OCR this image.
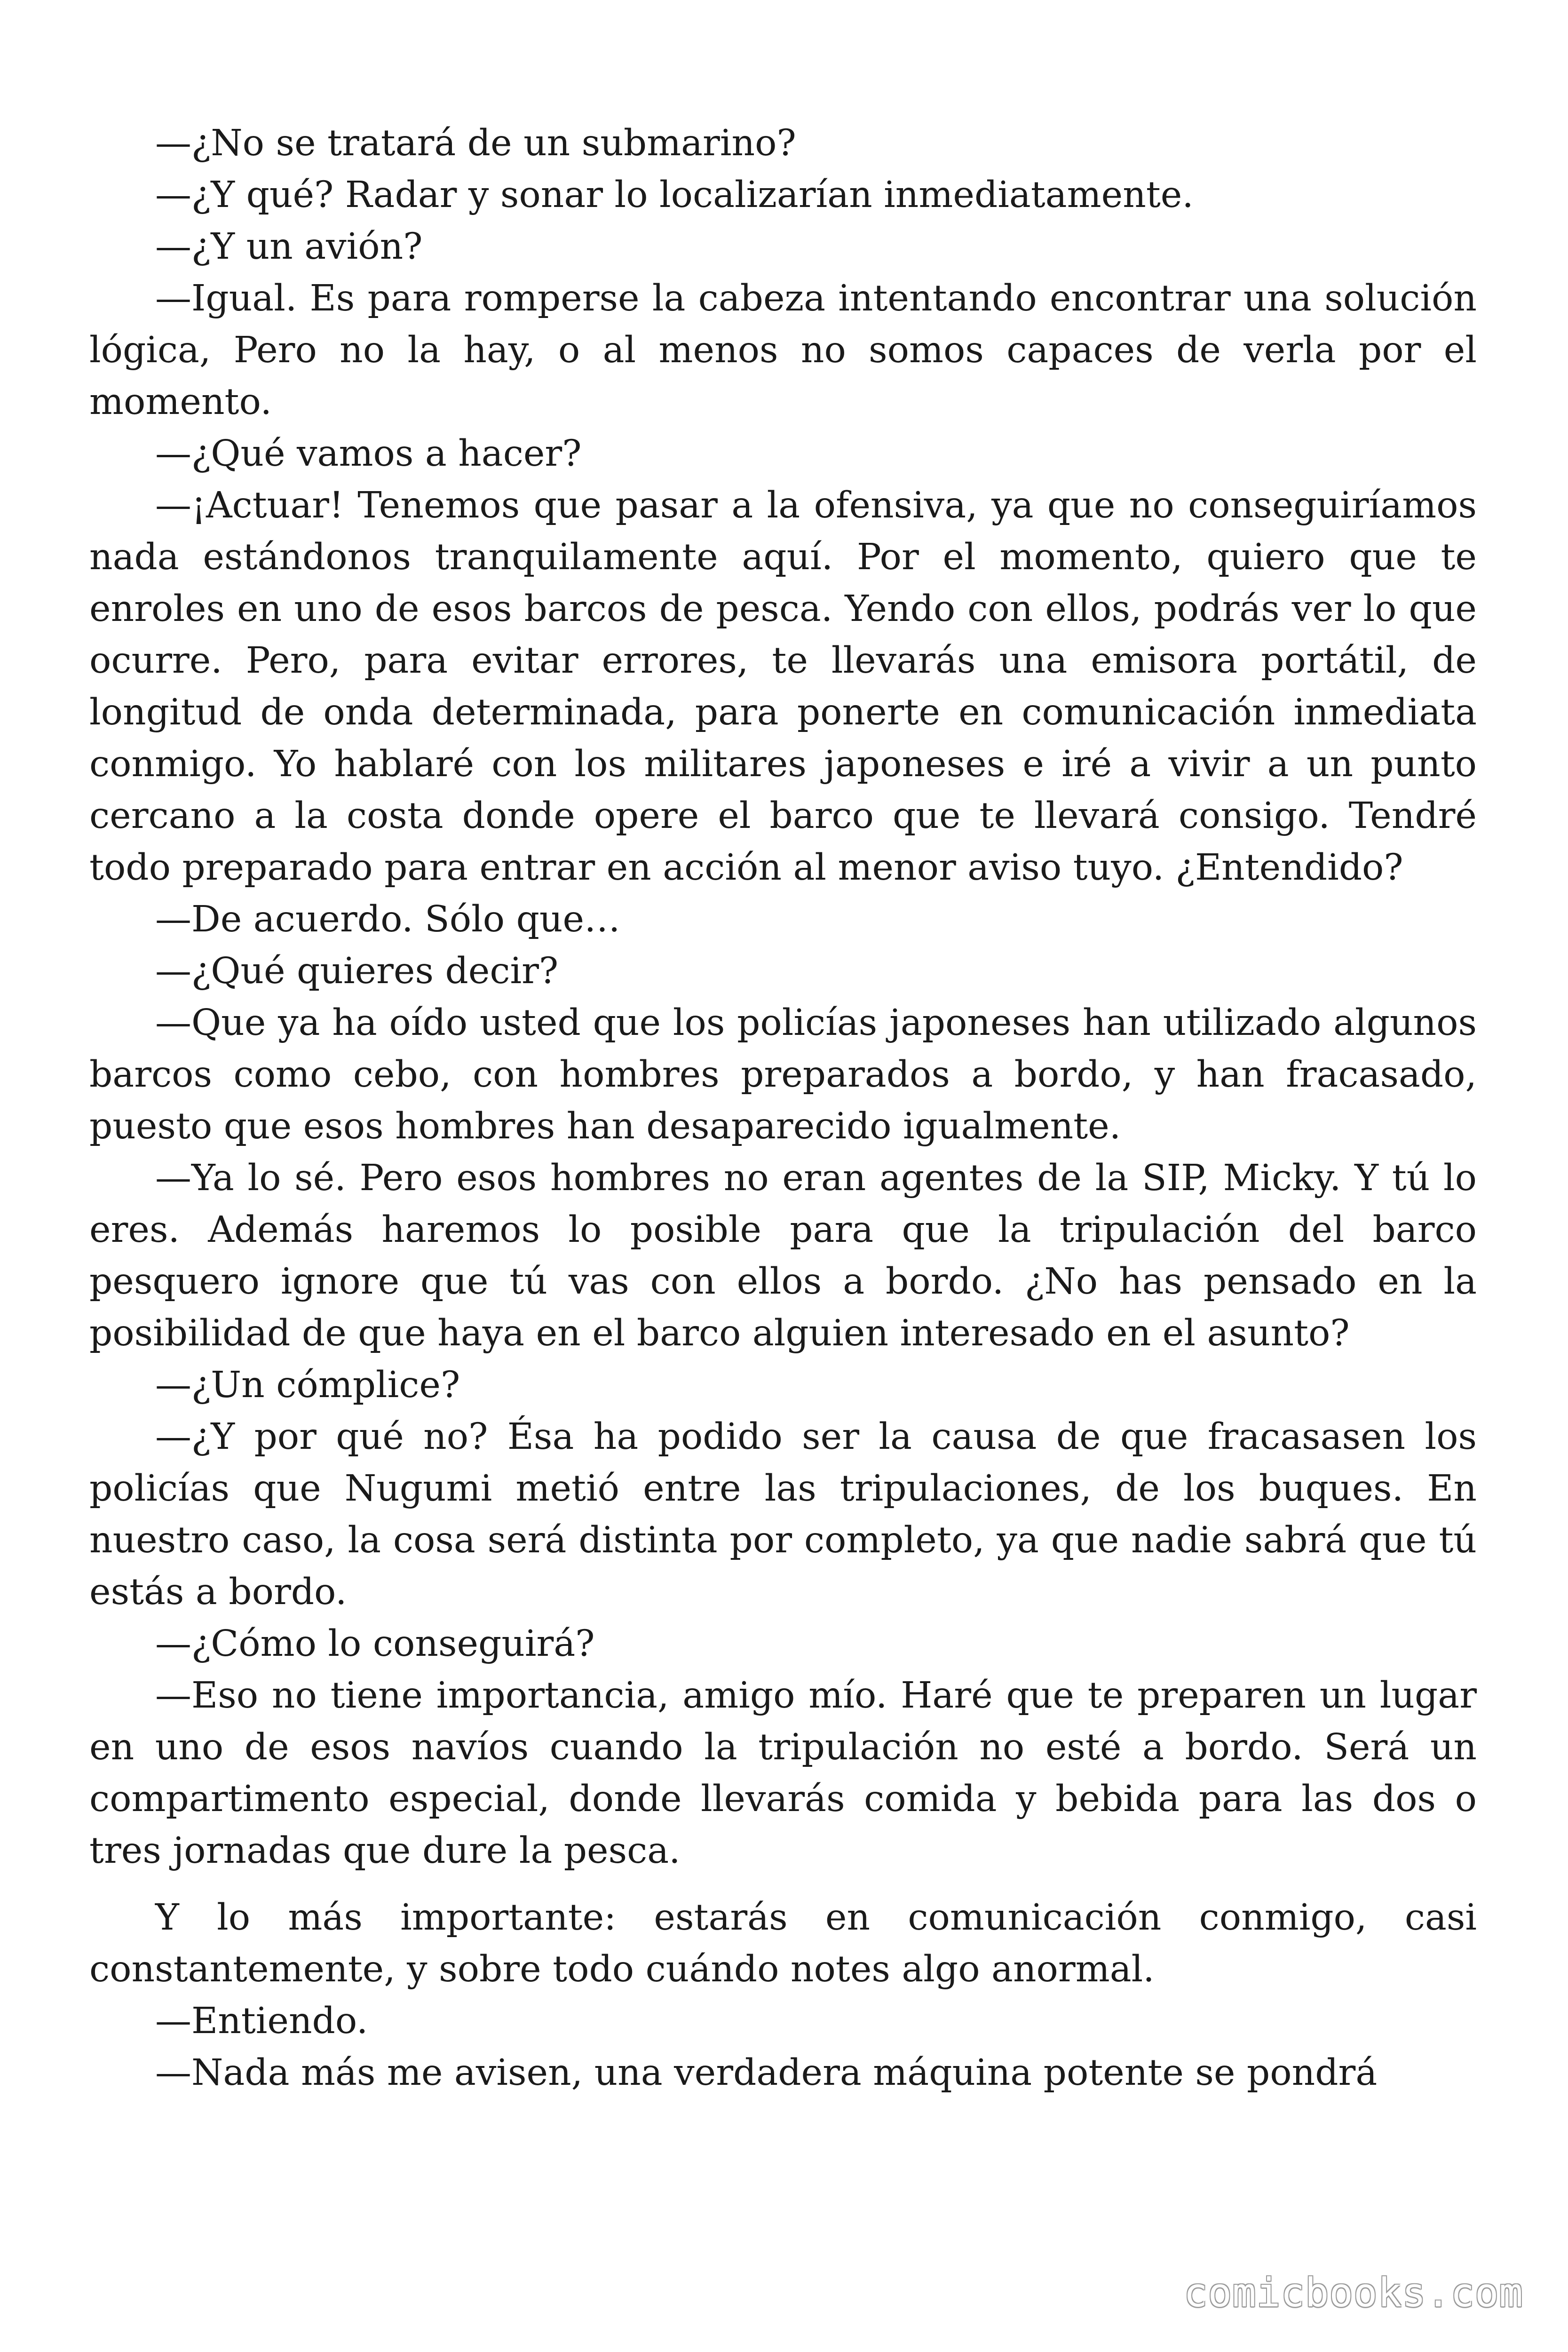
—¿No se tratará de un submarino?

—¿Y qué? Radar y sonar lo localizarían inmediatamente.

—¿Y un avión?

—Igual. Es para romperse la cabeza intentando encontrar una solución lógica, Pero no la hay, o al menos no somos capaces de verla por el momento.

—¿Qué vamos a hacer?

—¡Actuar! Tenemos que pasar a la ofensiva, ya que no conseguiríamos nada estándonos tranquilamente aquí. Por el momento, quiero que te enroles en uno de esos barcos de pesca. Yendo con ellos, podrás ver lo que ocurre. Pero, para evitar errores, te llevarás una emisora portátil, de longitud de onda determinada, para ponerte en comunicación inmediata conmigo. Yo hablaré con los militares japoneses e iré a vivir a un punto cercano a la costa donde opere el barco que te llevará consigo. Tendré todo preparado para entrar en acción al menor aviso tuyo. ¿Entendido?

—De acuerdo. Sólo que…

—¿Qué quieres decir?

—Que ya ha oído usted que los policías japoneses han utilizado algunos barcos como cebo, con hombres preparados a bordo, y han fracasado, puesto que esos hombres han desaparecido igualmente.

—Ya lo sé. Pero esos hombres no eran agentes de la SIP, Micky. Y tú lo eres. Además haremos lo posible para que la tripulación del barco pesquero ignore que tú vas con ellos a bordo. ¿No has pensado en la posibilidad de que haya en el barco alguien interesado en el asunto?

—¿Un cómplice?

—¿Y por qué no? Ésa ha podido ser la causa de que fracasasen los policías que Nugumi metió entre las tripulaciones, de los buques. En nuestro caso, la cosa será distinta por completo, ya que nadie sabrá que tú estás a bordo.

—¿Cómo lo conseguirá?

—Eso no tiene importancia, amigo mío. Haré que te preparen un lugar en uno de esos navíos cuando la tripulación no esté a bordo. Será un compartimento especial, donde llevarás comida y bebida para las dos o tres jornadas que dure la pesca.

Y lo más importante: estarás en comunicación conmigo, casi constantemente, y sobre todo cuándo notes algo anormal.

—Entiendo.

—Nada más me avisen, una verdadera máquina potente se pondrá

comicbooks.com
